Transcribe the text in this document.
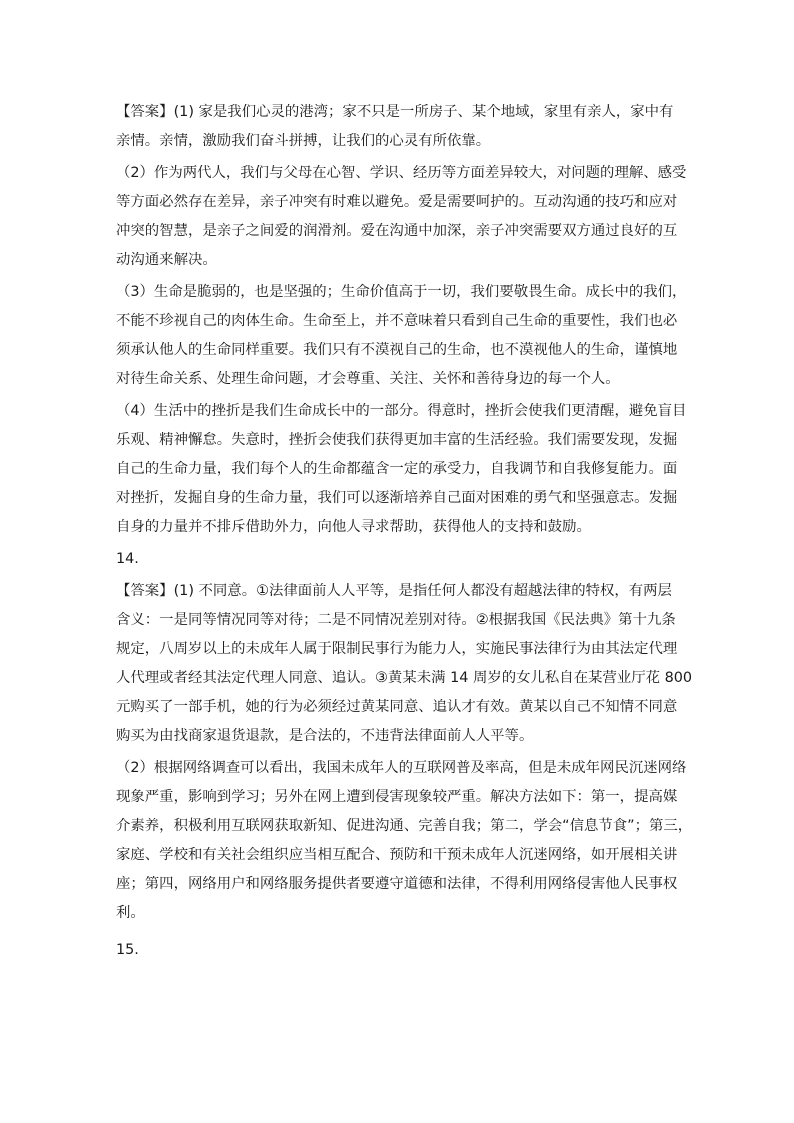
【答案】(1) 家是我们心灵的港湾；家不只是一所房子、某个地域，家里有亲人，家中有
亲情。亲情，激励我们奋斗拼搏，让我们的心灵有所依靠。
（2）作为两代人，我们与父母在心智、学识、经历等方面差异较大，对问题的理解、感受
等方面必然存在差异，亲子冲突有时难以避免。爱是需要呵护的。互动沟通的技巧和应对
冲突的智慧，是亲子之间爱的润滑剂。爱在沟通中加深，亲子冲突需要双方通过良好的互
动沟通来解决。
（3）生命是脆弱的，也是坚强的；生命价值高于一切，我们要敬畏生命。成长中的我们，
不能不珍视自己的肉体生命。生命至上，并不意味着只看到自己生命的重要性，我们也必
须承认他人的生命同样重要。我们只有不漠视自己的生命，也不漠视他人的生命，谨慎地
对待生命关系、处理生命问题，才会尊重、关注、关怀和善待身边的每一个人。
（4）生活中的挫折是我们生命成长中的一部分。得意时，挫折会使我们更清醒，避免盲目
乐观、精神懈怠。失意时，挫折会使我们获得更加丰富的生活经验。我们需要发现，发掘
自己的生命力量，我们每个人的生命都蕴含一定的承受力，自我调节和自我修复能力。面
对挫折，发掘自身的生命力量，我们可以逐渐培养自己面对困难的勇气和坚强意志。发掘
自身的力量并不排斥借助外力，向他人寻求帮助，获得他人的支持和鼓励。
14.
【答案】(1) 不同意。①法律面前人人平等，是指任何人都没有超越法律的特权，有两层
含义：一是同等情况同等对待；二是不同情况差别对待。②根据我国《民法典》第十九条
规定，八周岁以上的未成年人属于限制民事行为能力人，实施民事法律行为由其法定代理
人代理或者经其法定代理人同意、追认。③黄某未满 14 周岁的女儿私自在某营业厅花 800
元购买了一部手机，她的行为必须经过黄某同意、追认才有效。黄某以自己不知情不同意
购买为由找商家退货退款，是合法的，不违背法律面前人人平等。
（2）根据网络调查可以看出，我国未成年人的互联网普及率高，但是未成年网民沉迷网络
现象严重，影响到学习；另外在网上遭到侵害现象较严重。解决方法如下：第一，提高媒
介素养，积极利用互联网获取新知、促进沟通、完善自我；第二，学会“信息节食”；第三，
家庭、学校和有关社会组织应当相互配合、预防和干预未成年人沉迷网络，如开展相关讲
座；第四，网络用户和网络服务提供者要遵守道德和法律，不得利用网络侵害他人民事权
利。
15.
